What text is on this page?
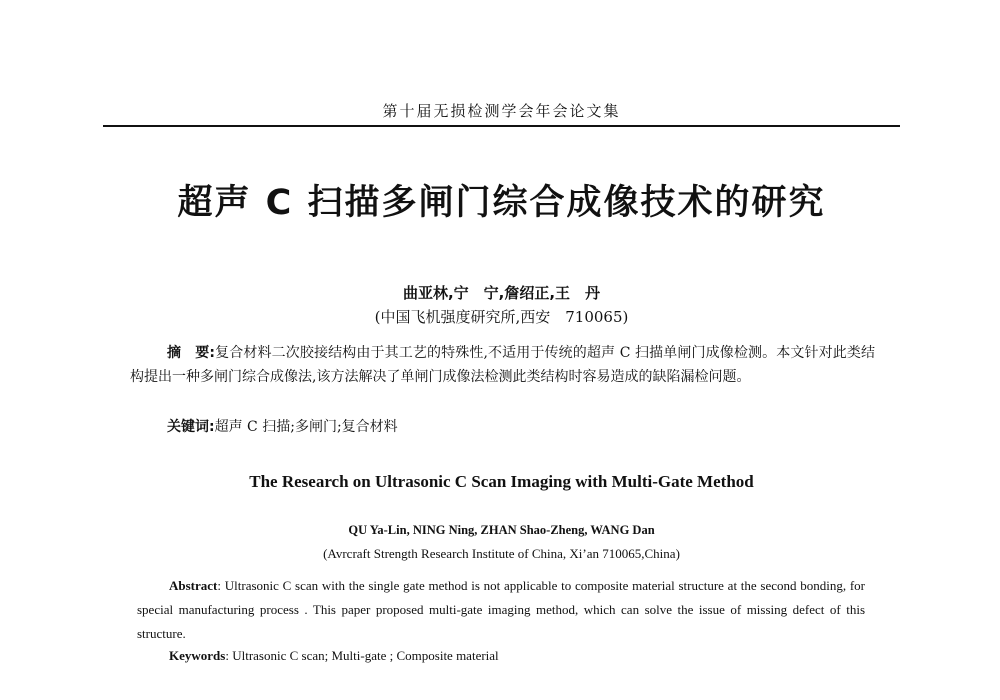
第十届无损检测学会年会论文集
超声 C 扫描多闸门综合成像技术的研究
曲亚林,宁　宁,詹绍正,王　丹
(中国飞机强度研究所,西安　710065)
摘　要:复合材料二次胶接结构由于其工艺的特殊性,不适用于传统的超声 C 扫描单闸门成像检测。本文针对此类结构提出一种多闸门综合成像法,该方法解决了单闸门成像法检测此类结构时容易造成的缺陷漏检问题。
关键词:超声 C 扫描;多闸门;复合材料
The Research on Ultrasonic C Scan Imaging with Multi-Gate Method
QU Ya-Lin, NING Ning, ZHAN Shao-Zheng, WANG Dan
(Avrcraft Strength Research Institute of China, Xi’an 710065,China)
Abstract: Ultrasonic C scan with the single gate method is not applicable to composite material structure at the second bonding, for special manufacturing process . This paper proposed multi-gate imaging method, which can solve the issue of missing defect of this structure.
Keywords: Ultrasonic C scan; Multi-gate ; Composite material
